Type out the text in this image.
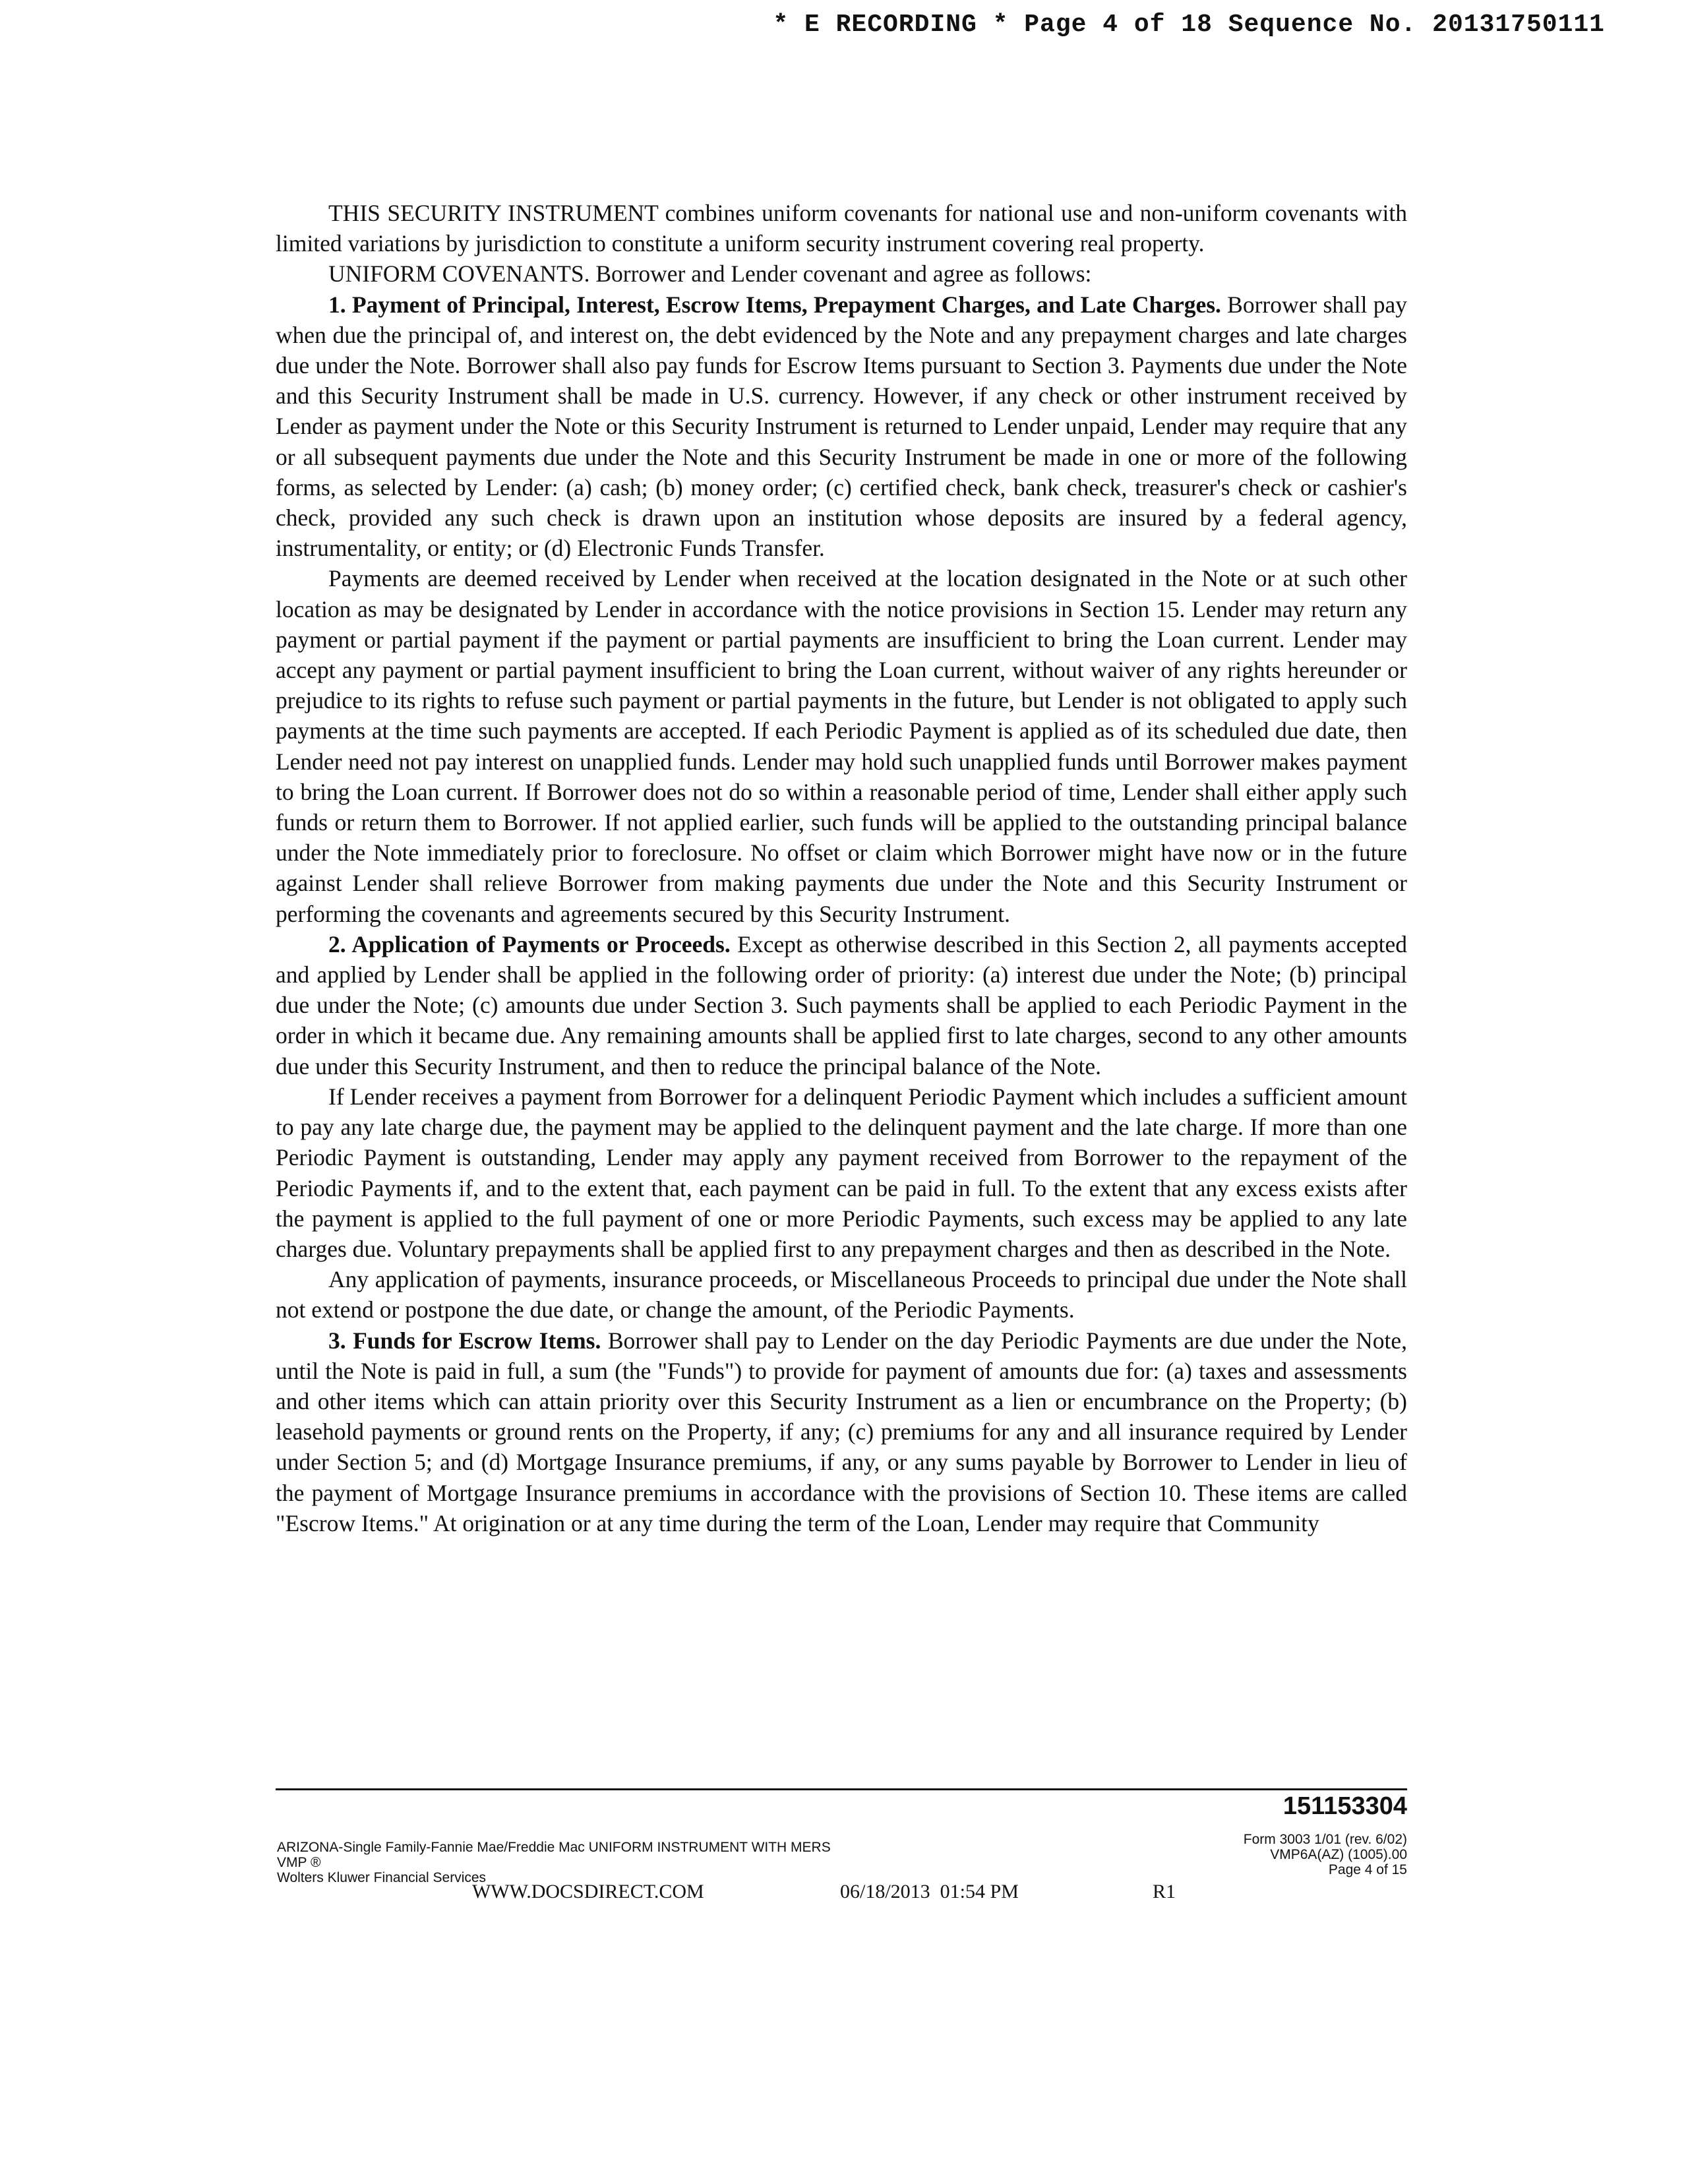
* E RECORDING * Page 4 of 18 Sequence No. 20131750111

THIS SECURITY INSTRUMENT combines uniform covenants for national use and non-uniform covenants with limited variations by jurisdiction to constitute a uniform security instrument covering real property.

UNIFORM COVENANTS. Borrower and Lender covenant and agree as follows:

1. Payment of Principal, Interest, Escrow Items, Prepayment Charges, and Late Charges. Borrower shall pay when due the principal of, and interest on, the debt evidenced by the Note and any prepayment charges and late charges due under the Note. Borrower shall also pay funds for Escrow Items pursuant to Section 3. Payments due under the Note and this Security Instrument shall be made in U.S. currency. However, if any check or other instrument received by Lender as payment under the Note or this Security Instrument is returned to Lender unpaid, Lender may require that any or all subsequent payments due under the Note and this Security Instrument be made in one or more of the following forms, as selected by Lender: (a) cash; (b) money order; (c) certified check, bank check, treasurer's check or cashier's check, provided any such check is drawn upon an institution whose deposits are insured by a federal agency, instrumentality, or entity; or (d) Electronic Funds Transfer.

Payments are deemed received by Lender when received at the location designated in the Note or at such other location as may be designated by Lender in accordance with the notice provisions in Section 15. Lender may return any payment or partial payment if the payment or partial payments are insufficient to bring the Loan current. Lender may accept any payment or partial payment insufficient to bring the Loan current, without waiver of any rights hereunder or prejudice to its rights to refuse such payment or partial payments in the future, but Lender is not obligated to apply such payments at the time such payments are accepted. If each Periodic Payment is applied as of its scheduled due date, then Lender need not pay interest on unapplied funds. Lender may hold such unapplied funds until Borrower makes payment to bring the Loan current. If Borrower does not do so within a reasonable period of time, Lender shall either apply such funds or return them to Borrower. If not applied earlier, such funds will be applied to the outstanding principal balance under the Note immediately prior to foreclosure. No offset or claim which Borrower might have now or in the future against Lender shall relieve Borrower from making payments due under the Note and this Security Instrument or performing the covenants and agreements secured by this Security Instrument.

2. Application of Payments or Proceeds. Except as otherwise described in this Section 2, all payments accepted and applied by Lender shall be applied in the following order of priority: (a) interest due under the Note; (b) principal due under the Note; (c) amounts due under Section 3. Such payments shall be applied to each Periodic Payment in the order in which it became due. Any remaining amounts shall be applied first to late charges, second to any other amounts due under this Security Instrument, and then to reduce the principal balance of the Note.

If Lender receives a payment from Borrower for a delinquent Periodic Payment which includes a sufficient amount to pay any late charge due, the payment may be applied to the delinquent payment and the late charge. If more than one Periodic Payment is outstanding, Lender may apply any payment received from Borrower to the repayment of the Periodic Payments if, and to the extent that, each payment can be paid in full. To the extent that any excess exists after the payment is applied to the full payment of one or more Periodic Payments, such excess may be applied to any late charges due. Voluntary prepayments shall be applied first to any prepayment charges and then as described in the Note.

Any application of payments, insurance proceeds, or Miscellaneous Proceeds to principal due under the Note shall not extend or postpone the due date, or change the amount, of the Periodic Payments.

3. Funds for Escrow Items. Borrower shall pay to Lender on the day Periodic Payments are due under the Note, until the Note is paid in full, a sum (the "Funds") to provide for payment of amounts due for: (a) taxes and assessments and other items which can attain priority over this Security Instrument as a lien or encumbrance on the Property; (b) leasehold payments or ground rents on the Property, if any; (c) premiums for any and all insurance required by Lender under Section 5; and (d) Mortgage Insurance premiums, if any, or any sums payable by Borrower to Lender in lieu of the payment of Mortgage Insurance premiums in accordance with the provisions of Section 10. These items are called "Escrow Items." At origination or at any time during the term of the Loan, Lender may require that Community

151153304
ARIZONA-Single Family-Fannie Mae/Freddie Mac UNIFORM INSTRUMENT WITH MERS
VMP ®
Wolters Kluwer Financial Services
Form 3003 1/01 (rev. 6/02)
VMP6A(AZ) (1005).00
Page 4 of 15
WWW.DOCSDIRECT.COM	06/18/2013  01:54 PM	R1
